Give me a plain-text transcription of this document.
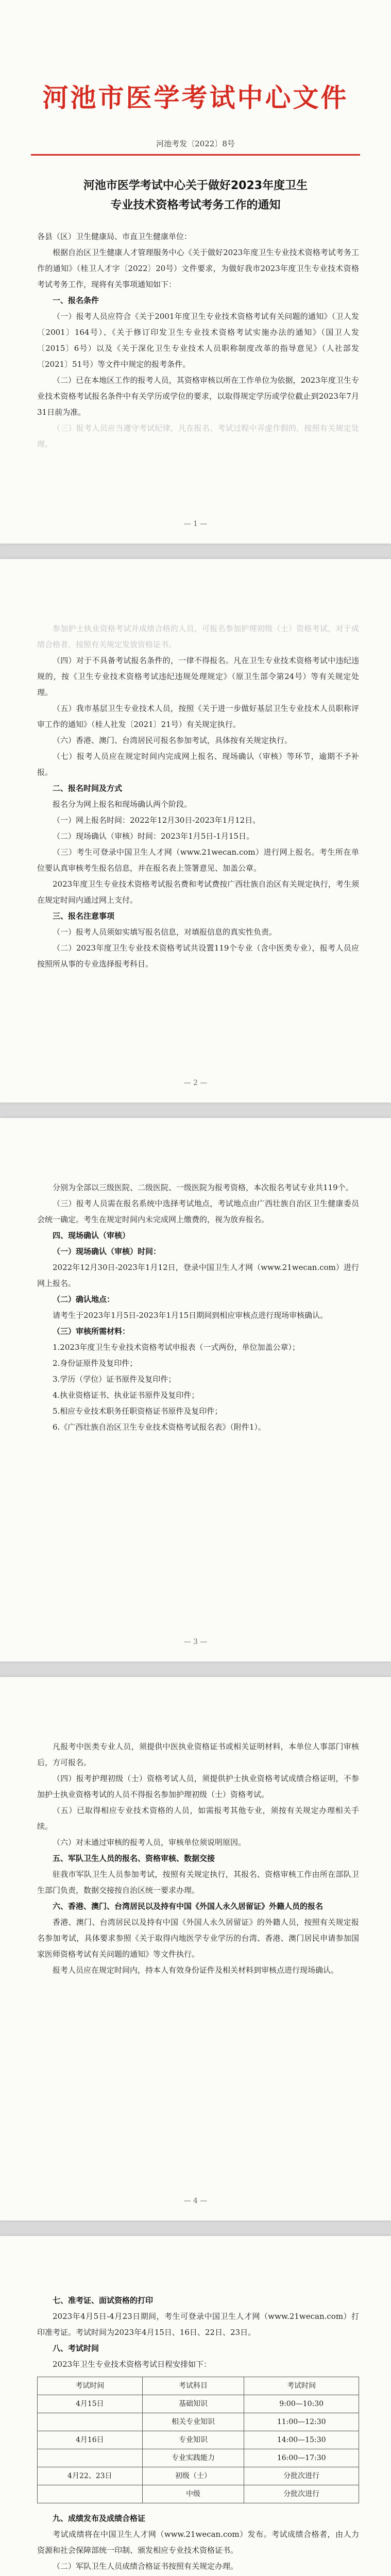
河池市医学考试中心文件
河池考发〔2022〕8号
河池市医学考试中心关于做好2023年度卫生
专业技术资格考试考务工作的通知

各县（区）卫生健康局、市直卫生健康单位：

根据自治区卫生健康人才管理服务中心《关于做好2023年度卫生专业技术资格考试考务工作的通知》（桂卫人才字〔2022〕20号）文件要求，为做好我市2023年度卫生专业技术资格考试考务工作，现将有关事项通知如下：

一、报名条件

（一）报考人员应符合《关于2001年度卫生专业技术资格考试有关问题的通知》（卫人发〔2001〕164号）、《关于修订印发卫生专业技术资格考试实施办法的通知》（国卫人发〔2015〕6号）以及《关于深化卫生专业技术人员职称制度改革的指导意见》（人社部发〔2021〕51号）等文件中规定的报考条件。

（二）已在本地区工作的报考人员，其资格审核以所在工作单位为依据，2023年度卫生专业技术资格考试报名条件中有关学历或学位的要求，以取得规定学历或学位截止到2023年7月31日前为准。

（三）报考人员应当遵守考试纪律，凡在报名、考试过程中弄虚作假的，按照有关规定处理。

— 1 —

参加护士执业资格考试并成绩合格的人员，可报名参加护理初级（士）资格考试，对于成绩合格者，按照有关规定发放资格证书。

（四）对于不具备考试报名条件的，一律不得报名。凡在卫生专业技术资格考试中违纪违规的，按《卫生专业技术资格考试违纪违规处理规定》（原卫生部令第24号）等有关规定处理。

（五）我市基层卫生专业技术人员，按照《关于进一步做好基层卫生专业技术人员职称评审工作的通知》（桂人社发〔2021〕21号）有关规定执行。

（六）香港、澳门、台湾居民可报名参加考试，具体按有关规定执行。

（七）报考人员应在规定时间内完成网上报名、现场确认（审核）等环节，逾期不予补报。

二、报名时间及方式

报名分为网上报名和现场确认两个阶段。

（一）网上报名时间：2022年12月30日-2023年1月12日。

（二）现场确认（审核）时间：2023年1月5日-1月15日。

（三）考生可登录中国卫生人才网（www.21wecan.com）进行网上报名。考生所在单位要认真审核考生报名信息，并在报名表上签署意见、加盖公章。

2023年度卫生专业技术资格考试报名费和考试费按广西壮族自治区有关规定执行，考生须在规定时间内通过网上支付。

三、报名注意事项

（一）报考人员须如实填写报名信息，对填报信息的真实性负责。

（二）2023年度卫生专业技术资格考试共设置119个专业（含中医类专业），报考人员应按照所从事的专业选择报考科目。

— 2 —

分别为全部以三级医院、二级医院、一级医院为报考资格，本次报名考试专业共119个。

（三）报考人员需在报名系统中选择考试地点，考试地点由广西壮族自治区卫生健康委员会统一确定。考生在规定时间内未完成网上缴费的，视为放弃报名。

四、现场确认（审核）

（一）现场确认（审核）时间：

2022年12月30日-2023年1月12日，登录中国卫生人才网（www.21wecan.com）进行网上报名。

（二）确认地点：

请考生于2023年1月5日-2023年1月15日期间到相应审核点进行现场审核确认。

（三）审核所需材料：

1.2023年度卫生专业技术资格考试申报表（一式两份，单位加盖公章）；

2.身份证原件及复印件；

3.学历（学位）证书原件及复印件；

4.执业资格证书、执业证书原件及复印件；

5.相应专业技术职务任职资格证书原件及复印件；

6.《广西壮族自治区卫生专业技术资格考试报名表》（附件1）。

— 3 —

凡报考中医类专业人员，须提供中医执业资格证书或相关证明材料，本单位人事部门审核后，方可报名。

（四）报考护理初级（士）资格考试人员，须提供护士执业资格考试成绩合格证明，不参加护士执业资格考试的人员不得报名参加护理初级（士）资格考试。

（五）已取得相应专业技术资格的人员，如需报考其他专业，须按有关规定办理相关手续。

（六）对未通过审核的报考人员，审核单位须说明原因。

五、军队卫生人员的报名、资格审核、数据交接

驻我市军队卫生人员参加考试，按照有关规定执行，其报名、资格审核工作由所在部队卫生部门负责，数据交接按自治区统一要求办理。

六、香港、澳门、台湾居民以及持有中国《外国人永久居留证》外籍人员的报名

香港、澳门、台湾居民以及持有中国《外国人永久居留证》的外籍人员，按照有关规定报名参加考试，具体要求参照《关于取得内地医学专业学历的台湾、香港、澳门居民申请参加国家医师资格考试有关问题的通知》等文件执行。

报考人员应在规定时间内，持本人有效身份证件及相关材料到审核点进行现场确认。

— 4 —

七、准考证、面试资格的打印

2023年4月5日-4月23日期间，考生可登录中国卫生人才网（www.21wecan.com）打印准考证。考试时间为2023年4月15日、16日、22日、23日。

八、考试时间

2023年卫生专业技术资格考试日程安排如下：

考试时间	考试科目	考试时间
4月15日	基础知识	9:00—10:30
	相关专业知识	11:00—12:30
4月16日	专业知识	14:00—15:30
	专业实践能力	16:00—17:30
4月22、23日	初级（士）	分批次进行
	中级	分批次进行

九、成绩发布及成绩合格证

考试成绩将在中国卫生人才网（www.21wecan.com）发布。考试成绩合格者，由人力资源和社会保障部统一印制、颁发相应专业技术资格证书。

（二）军队卫生人员成绩合格证书按照有关规定办理。
